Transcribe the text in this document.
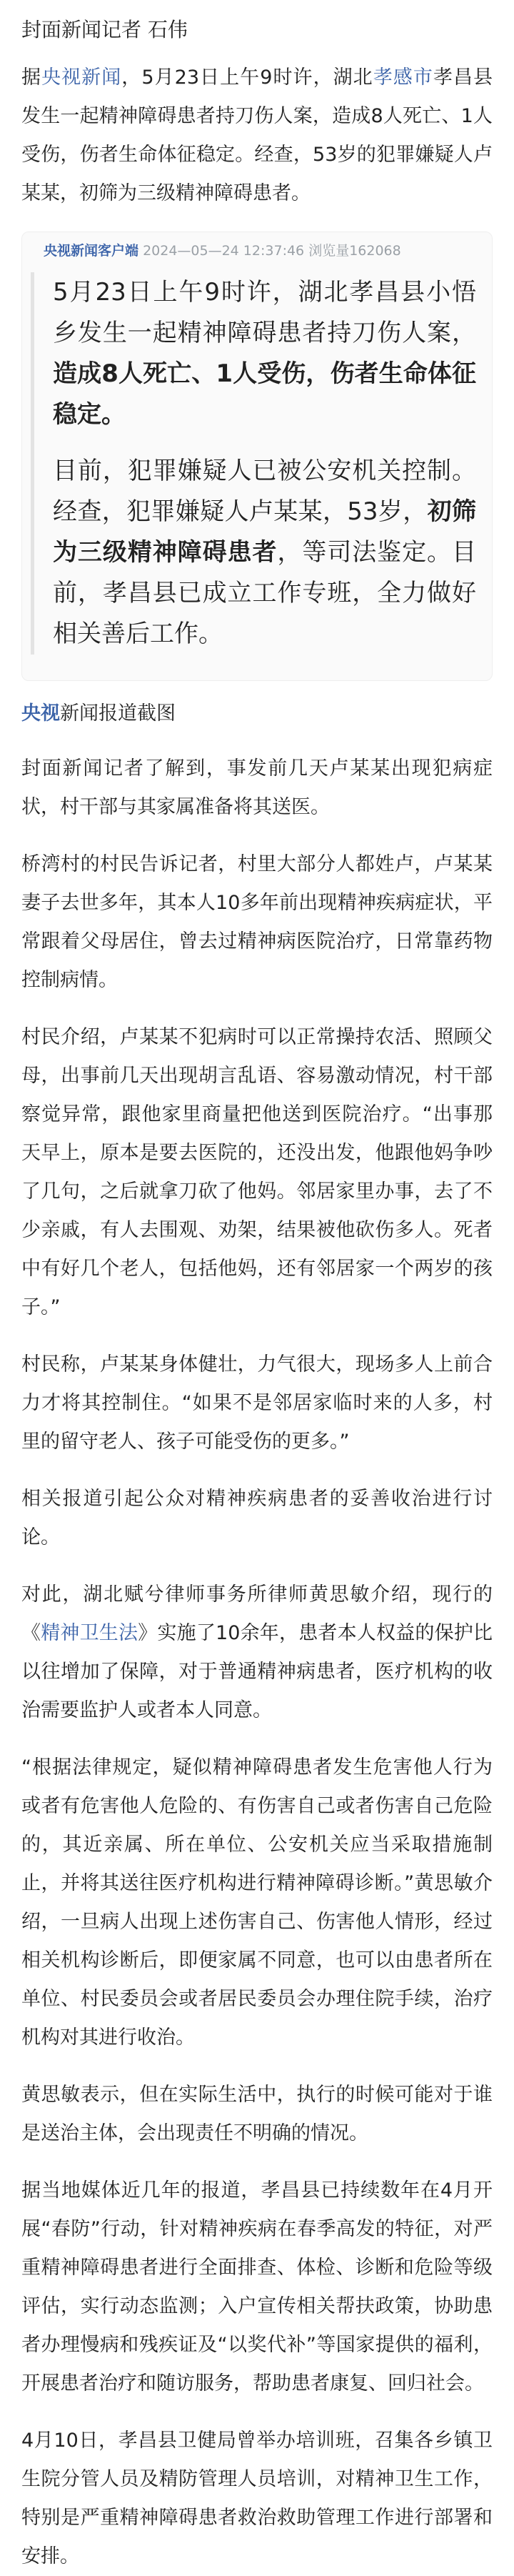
封面新闻记者 石伟

据央视新闻，5月23日上午9时许，湖北孝感市孝昌县发生一起精神障碍患者持刀伤人案，造成8人死亡、1人受伤，伤者生命体征稳定。经查，53岁的犯罪嫌疑人卢某某，初筛为三级精神障碍患者。

央视新闻客户端 2024—05—24 12:37:46 浏览量162068

5月23日上午9时许，湖北孝昌县小悟乡发生一起精神障碍患者持刀伤人案，造成8人死亡、1人受伤，伤者生命体征稳定。

目前，犯罪嫌疑人已被公安机关控制。经查，犯罪嫌疑人卢某某，53岁，初筛为三级精神障碍患者，等司法鉴定。目前，孝昌县已成立工作专班，全力做好相关善后工作。

央视新闻报道截图

封面新闻记者了解到，事发前几天卢某某出现犯病症状，村干部与其家属准备将其送医。

桥湾村的村民告诉记者，村里大部分人都姓卢，卢某某妻子去世多年，其本人10多年前出现精神疾病症状，平常跟着父母居住，曾去过精神病医院治疗，日常靠药物控制病情。

村民介绍，卢某某不犯病时可以正常操持农活、照顾父母，出事前几天出现胡言乱语、容易激动情况，村干部察觉异常，跟他家里商量把他送到医院治疗。“出事那天早上，原本是要去医院的，还没出发，他跟他妈争吵了几句，之后就拿刀砍了他妈。邻居家里办事，去了不少亲戚，有人去围观、劝架，结果被他砍伤多人。死者中有好几个老人，包括他妈，还有邻居家一个两岁的孩子。”

村民称，卢某某身体健壮，力气很大，现场多人上前合力才将其控制住。“如果不是邻居家临时来的人多，村里的留守老人、孩子可能受伤的更多。”

相关报道引起公众对精神疾病患者的妥善收治进行讨论。

对此，湖北赋兮律师事务所律师黄思敏介绍，现行的《精神卫生法》实施了10余年，患者本人权益的保护比以往增加了保障，对于普通精神病患者，医疗机构的收治需要监护人或者本人同意。

“根据法律规定，疑似精神障碍患者发生危害他人行为或者有危害他人危险的、有伤害自己或者伤害自己危险的，其近亲属、所在单位、公安机关应当采取措施制止，并将其送往医疗机构进行精神障碍诊断。”黄思敏介绍，一旦病人出现上述伤害自己、伤害他人情形，经过相关机构诊断后，即便家属不同意，也可以由患者所在单位、村民委员会或者居民委员会办理住院手续，治疗机构对其进行收治。

黄思敏表示，但在实际生活中，执行的时候可能对于谁是送治主体，会出现责任不明确的情况。

据当地媒体近几年的报道，孝昌县已持续数年在4月开展“春防”行动，针对精神疾病在春季高发的特征，对严重精神障碍患者进行全面排查、体检、诊断和危险等级评估，实行动态监测；入户宣传相关帮扶政策，协助患者办理慢病和残疾证及“以奖代补”等国家提供的福利，开展患者治疗和随访服务，帮助患者康复、回归社会。

4月10日，孝昌县卫健局曾举办培训班，召集各乡镇卫生院分管人员及精防管理人员培训，对精神卫生工作，特别是严重精神障碍患者救治救助管理工作进行部署和安排。
